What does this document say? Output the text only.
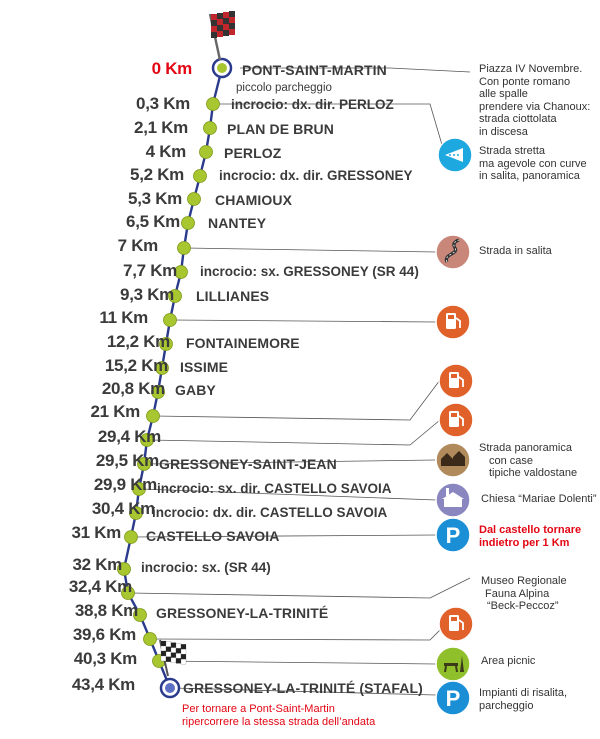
P
P
0 Km	PONT-SAINT-MARTIN
piccolo parcheggio
0,3 Km
2,1 Km
4 Km
5,2 Km
5,3 Km
6,5 Km
7 Km
7,7 Km
9,3 Km
11 Km
12,2 Km
15,2 Km
20,8 Km
21 Km
29,4 Km
29,5 Km
29,9 Km
30,4 Km
31 Km
32 Km
32,4 Km
38,8 Km
39,6 Km
40,3 Km
43,4 Km
incrocio: dx. dir. PERLOZ
PLAN DE BRUN
PERLOZ
incrocio: dx. dir. GRESSONEY
CHAMIOUX
NANTEY
incrocio: sx. GRESSONEY (SR 44)
LILLIANES
FONTAINEMORE
ISSIME
GABY
GRESSONEY-SAINT-JEAN
incrocio: sx. dir. CASTELLO SAVOIA
incrocio: dx. dir. CASTELLO SAVOIA
CASTELLO SAVOIA
incrocio: sx. (SR 44)
GRESSONEY-LA-TRINITÉ
GRESSONEY-LA-TRINITÉ (STAFAL)
Piazza IV Novembre.
Con ponte romano
alle spalle
prendere via Chanoux:
strada ciottolata
in discesa
Strada stretta
ma agevole con curve
in salita, panoramica
Strada in salita
Strada panoramica
con case
tipiche valdostane
Chiesa “Mariae Dolenti”
Dal castello tornare
indietro per 1 Km
Museo Regionale
Fauna Alpina
“Beck-Peccoz”
Area picnic
Impianti di risalita,
parcheggio
Per tornare a Pont-Saint-Martin
ripercorrere la stessa strada dell’andata
